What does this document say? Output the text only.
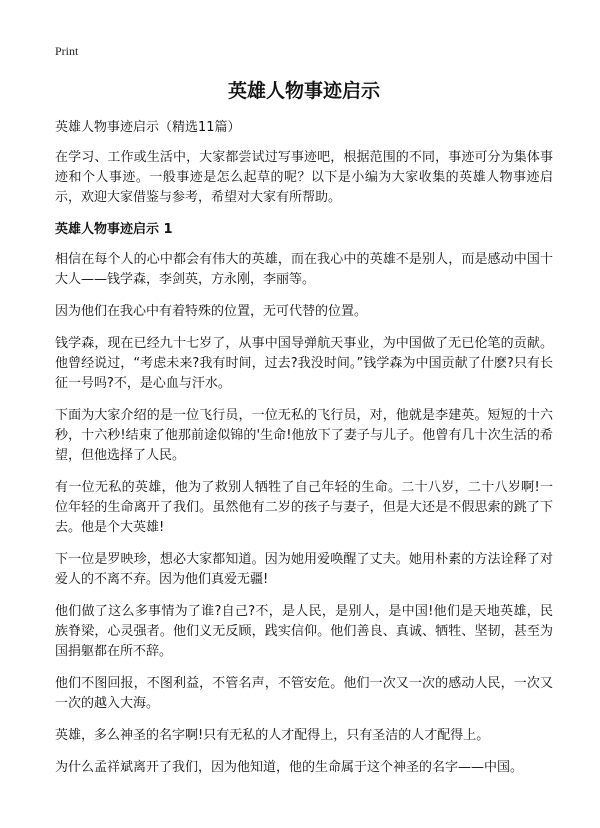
Print
英雄人物事迹启示
英雄人物事迹启示（精选11篇）

在学习、工作或生活中，大家都尝试过写事迹吧，根据范围的不同，事迹可分为集体事迹和个人事迹。一般事迹是怎么起草的呢？以下是小编为大家收集的英雄人物事迹启示，欢迎大家借鉴与参考，希望对大家有所帮助。

英雄人物事迹启示 1

相信在每个人的心中都会有伟大的英雄，而在我心中的英雄不是别人，而是感动中国十大人——钱学森，李剑英，方永刚，李丽等。

因为他们在我心中有着特殊的位置，无可代替的位置。

钱学森，现在已经九十七岁了，从事中国导弹航天事业，为中国做了无已伦笔的贡献。他曾经说过，“考虑未来?我有时间，过去?我没时间。”钱学森为中国贡献了什麽?只有长征一号吗?不，是心血与汗水。

下面为大家介绍的是一位飞行员，一位无私的飞行员，对，他就是李建英。短短的十六秒，十六秒!结束了他那前途似锦的'生命!他放下了妻子与儿子。他曾有几十次生活的希望，但他选择了人民。

有一位无私的英雄，他为了救别人牺牲了自己年轻的生命。二十八岁，二十八岁啊!一位年轻的生命离开了我们。虽然他有二岁的孩子与妻子，但是大还是不假思索的跳了下去。他是个大英雄!

下一位是罗映珍，想必大家都知道。因为她用爱唤醒了丈夫。她用朴素的方法诠释了对爱人的不离不弃。因为他们真爱无疆!

他们做了这么多事情为了谁?自己?不，是人民，是别人，是中国!他们是天地英雄，民族脊梁，心灵强者。他们义无反顾，践实信仰。他们善良、真诚、牺牲、坚韧，甚至为国捐躯都在所不辞。

他们不图回报，不图利益，不管名声，不管安危。他们一次又一次的感动人民，一次又一次的越入大海。

英雄，多么神圣的名字啊!只有无私的人才配得上，只有圣洁的人才配得上。

为什么孟祥斌离开了我们，因为他知道，他的生命属于这个神圣的名字——中国。
